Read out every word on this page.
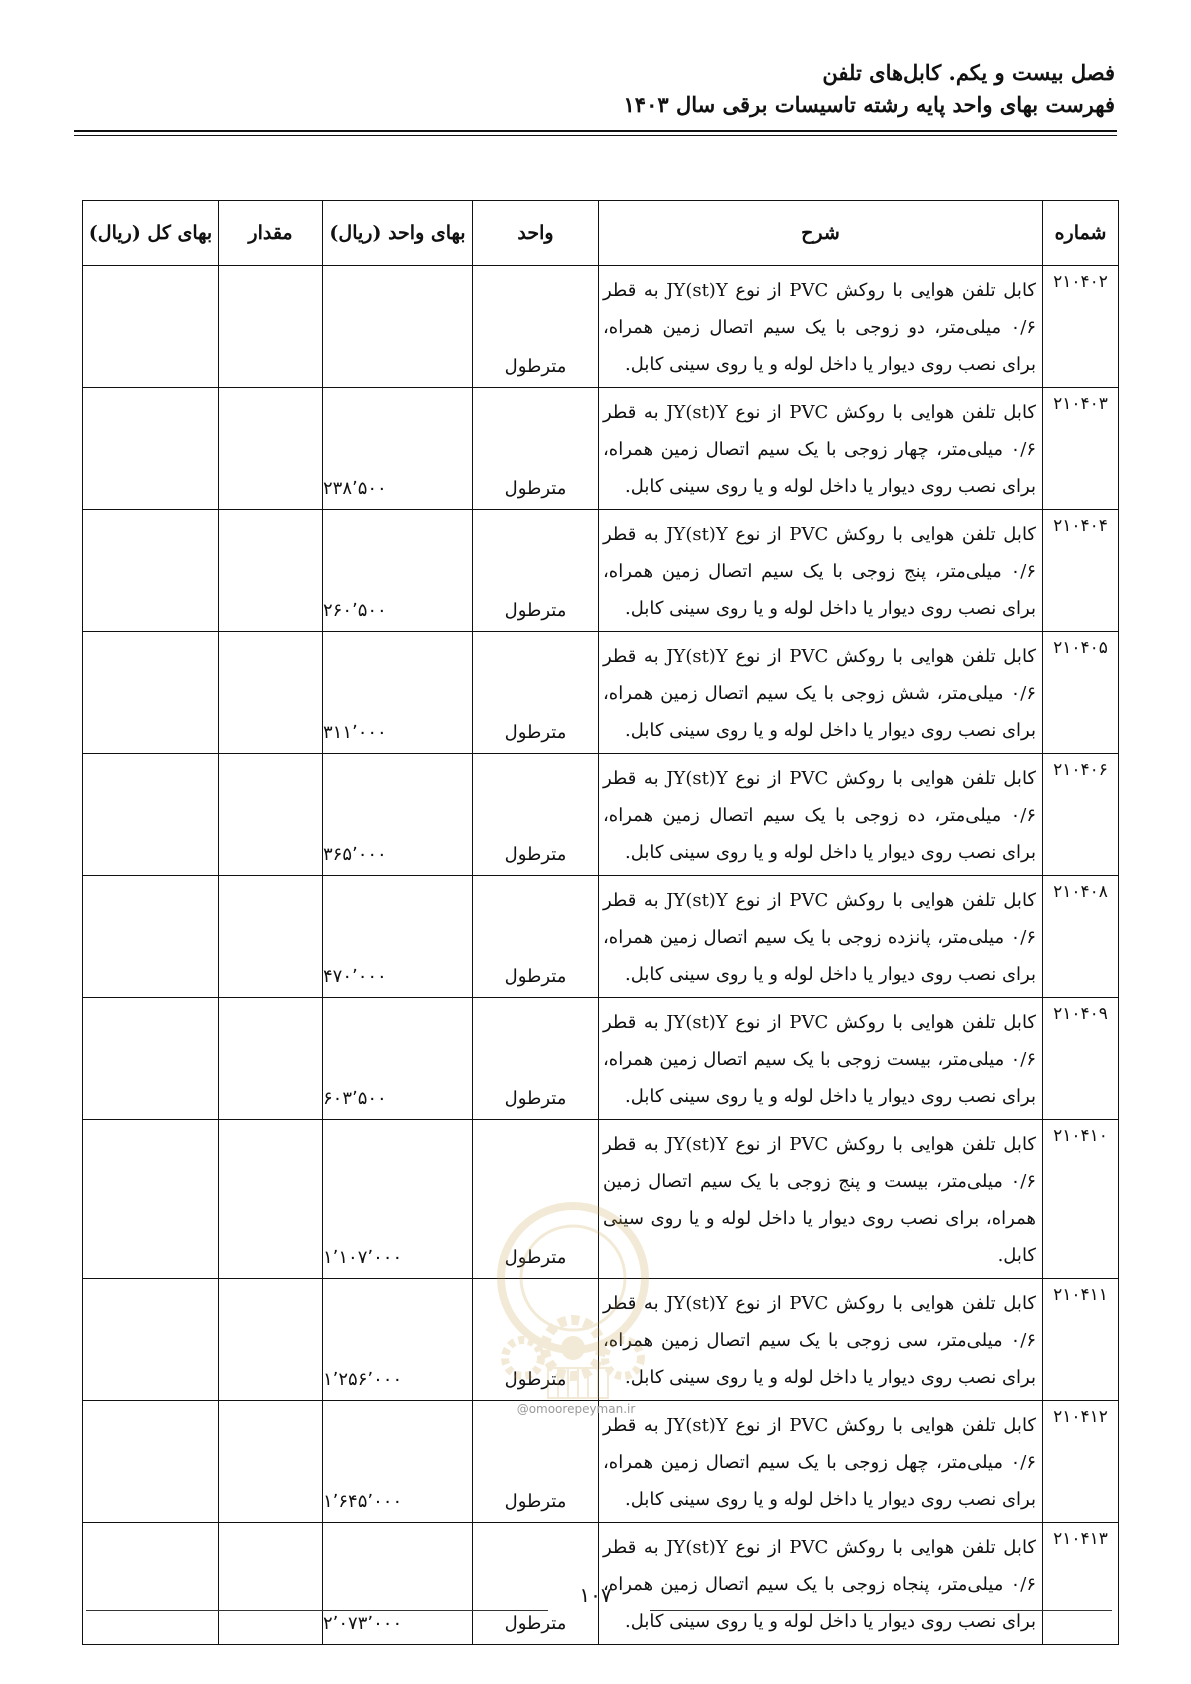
فصل بیست و یکم. کابل‌های تلفن
فهرست بهای واحد پایه رشته تاسیسات برقی سال ۱۴۰۳
شماره	شرح	واحد	بهای واحد (ریال)	مقدار	بهای کل (ریال)
۲۱۰۴۰۲	کابل تلفن هوایی با روکش PVC از نوع JY(st)Y به قطر ۰/۶ میلی‌متر، دو زوجی با یک سیم اتصال زمین همراه، برای نصب روی دیوار یا داخل لوله و یا روی سینی کابل.	مترطول			
۲۱۰۴۰۳	کابل تلفن هوایی با روکش PVC از نوع JY(st)Y به قطر ۰/۶ میلی‌متر، چهار زوجی با یک سیم اتصال زمین همراه، برای نصب روی دیوار یا داخل لوله و یا روی سینی کابل.	مترطول	۲۳۸٬۵۰۰		
۲۱۰۴۰۴	کابل تلفن هوایی با روکش PVC از نوع JY(st)Y به قطر ۰/۶ میلی‌متر، پنج زوجی با یک سیم اتصال زمین همراه، برای نصب روی دیوار یا داخل لوله و یا روی سینی کابل.	مترطول	۲۶۰٬۵۰۰		
۲۱۰۴۰۵	کابل تلفن هوایی با روکش PVC از نوع JY(st)Y به قطر ۰/۶ میلی‌متر، شش زوجی با یک سیم اتصال زمین همراه، برای نصب روی دیوار یا داخل لوله و یا روی سینی کابل.	مترطول	۳۱۱٬۰۰۰		
۲۱۰۴۰۶	کابل تلفن هوایی با روکش PVC از نوع JY(st)Y به قطر ۰/۶ میلی‌متر، ده زوجی با یک سیم اتصال زمین همراه، برای نصب روی دیوار یا داخل لوله و یا روی سینی کابل.	مترطول	۳۶۵٬۰۰۰		
۲۱۰۴۰۸	کابل تلفن هوایی با روکش PVC از نوع JY(st)Y به قطر ۰/۶ میلی‌متر، پانزده زوجی با یک سیم اتصال زمین همراه، برای نصب روی دیوار یا داخل لوله و یا روی سینی کابل.	مترطول	۴۷۰٬۰۰۰		
۲۱۰۴۰۹	کابل تلفن هوایی با روکش PVC از نوع JY(st)Y به قطر ۰/۶ میلی‌متر، بیست زوجی با یک سیم اتصال زمین همراه، برای نصب روی دیوار یا داخل لوله و یا روی سینی کابل.	مترطول	۶۰۳٬۵۰۰		
۲۱۰۴۱۰	کابل تلفن هوایی با روکش PVC از نوع JY(st)Y به قطر ۰/۶ میلی‌متر، بیست و پنج زوجی با یک سیم اتصال زمین همراه، برای نصب روی دیوار یا داخل لوله و یا روی سینی کابل.	مترطول	۱٬۱۰۷٬۰۰۰		
۲۱۰۴۱۱	کابل تلفن هوایی با روکش PVC از نوع JY(st)Y به قطر ۰/۶ میلی‌متر، سی زوجی با یک سیم اتصال زمین همراه، برای نصب روی دیوار یا داخل لوله و یا روی سینی کابل.	مترطول	۱٬۲۵۶٬۰۰۰		
۲۱۰۴۱۲	کابل تلفن هوایی با روکش PVC از نوع JY(st)Y به قطر ۰/۶ میلی‌متر، چهل زوجی با یک سیم اتصال زمین همراه، برای نصب روی دیوار یا داخل لوله و یا روی سینی کابل.	مترطول	۱٬۶۴۵٬۰۰۰		
۲۱۰۴۱۳	کابل تلفن هوایی با روکش PVC از نوع JY(st)Y به قطر ۰/۶ میلی‌متر، پنجاه زوجی با یک سیم اتصال زمین همراه، برای نصب روی دیوار یا داخل لوله و یا روی سینی کابل.	مترطول	۲٬۰۷۳٬۰۰۰		
@omoorepeyman.ir
۱۰۷
